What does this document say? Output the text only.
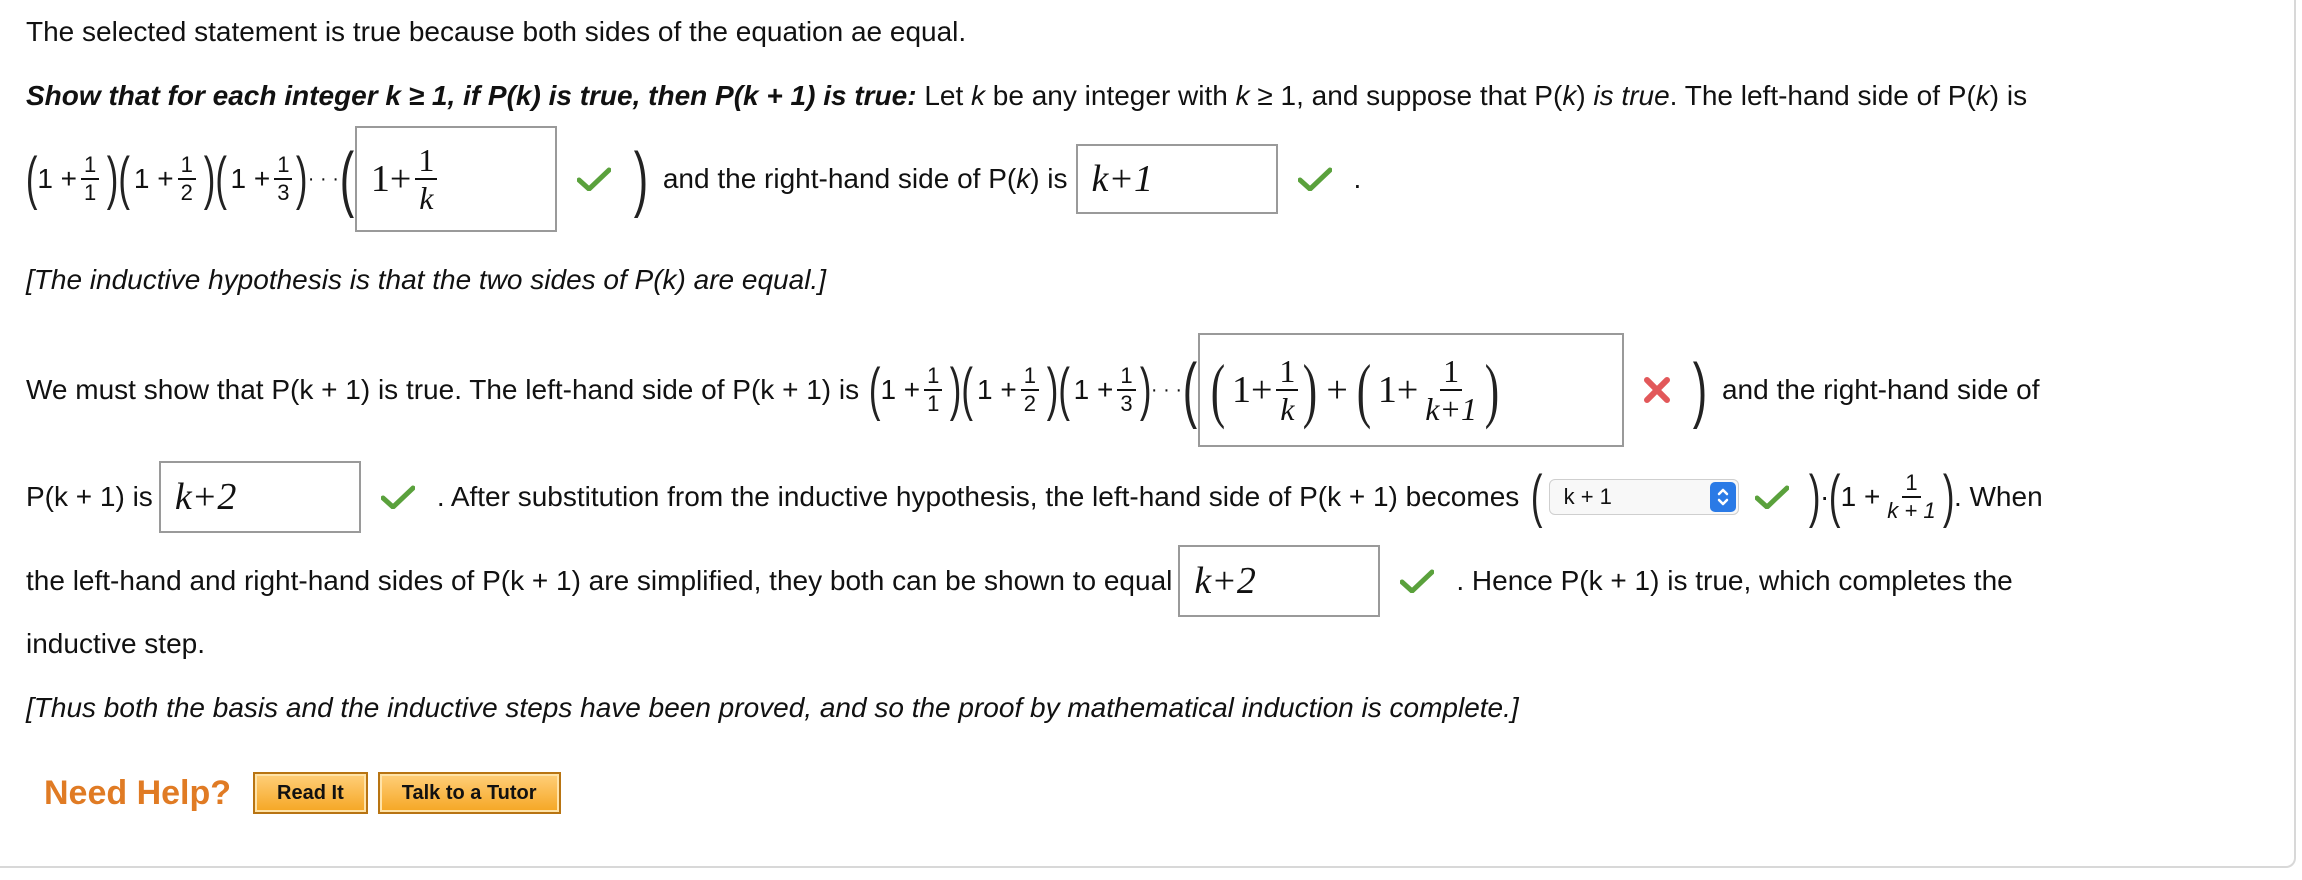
The selected statement is true because both sides of the equation ae equal.
Show that for each integer k ≥ 1, if P(k) is true, then P(k + 1) is true: Let k be any integer with k ≥ 1, and suppose that P( k ) is true . The left-hand side of P( k ) is
( $1 + \frac{1}{1}$ )( $1 + \frac{1}{2}$ )( $1 + \frac{1}{3}$ ) · · · ( $1+ \frac{1}{k}$	) and the right-hand side of P( k ) is k+1	.
[The inductive hypothesis is that the two sides of P(k) are equal.]
We must show that P(k + 1) is true. The left-hand side of P(k + 1) is ( $1 + \frac{1}{1}$ )( $1 + \frac{1}{2}$ )( $1 + \frac{1}{3}$ ) · · · ( ( $1+ \frac{1}{k}$ ) + ( $1+ \frac{1}{k+1}$ )	) and the right-hand side of
P(k + 1) is k+2	. After substitution from the inductive hypothesis, the left-hand side of P(k + 1) becomes ( k + 1	) · ( $1 + \frac{1}{k + 1}$ ) . When
the left-hand and right-hand sides of P(k + 1) are simplified, they both can be shown to equal k+2	. Hence P(k + 1) is true, which completes the
inductive step.
[Thus both the basis and the inductive steps have been proved, and so the proof by mathematical induction is complete.]
Need Help?	Read It	Talk to a Tutor
